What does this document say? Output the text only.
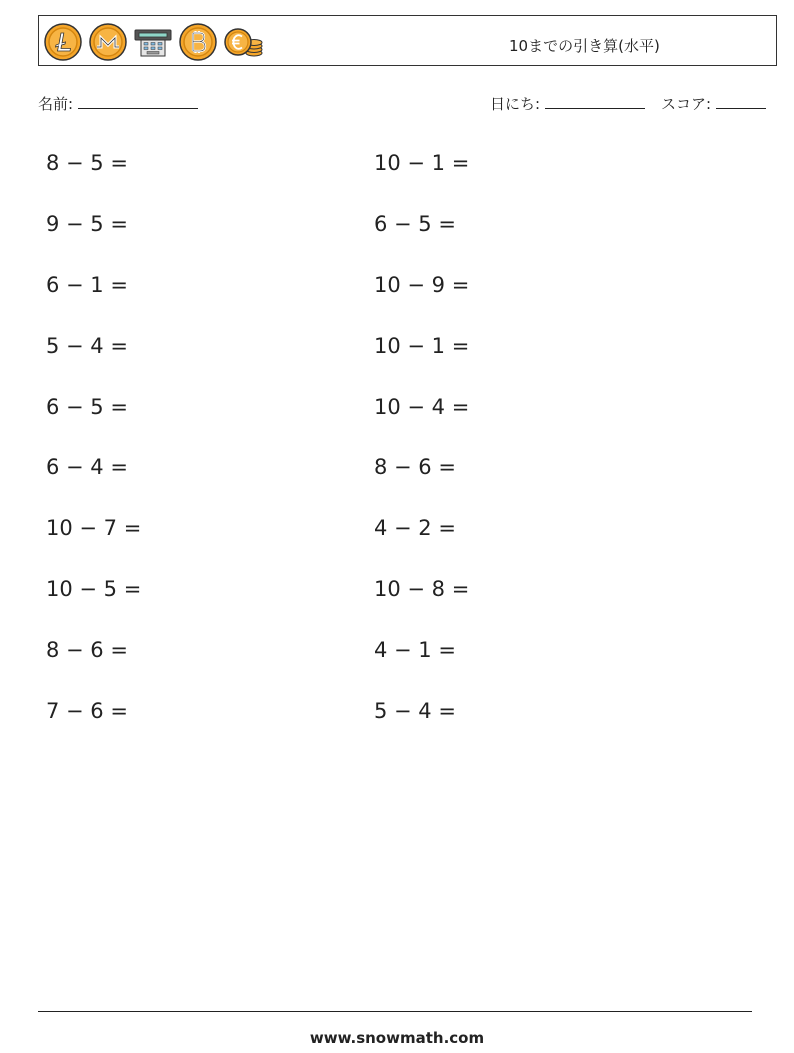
10までの引き算(水平)
名前:	日にち:	スコア:
8 − 5 =
9 − 5 =
6 − 1 =
5 − 4 =
6 − 5 =
6 − 4 =
10 − 7 =
10 − 5 =
8 − 6 =
7 − 6 =
10 − 1 =
6 − 5 =
10 − 9 =
10 − 1 =
10 − 4 =
8 − 6 =
4 − 2 =
10 − 8 =
4 − 1 =
5 − 4 =
www.snowmath.com
